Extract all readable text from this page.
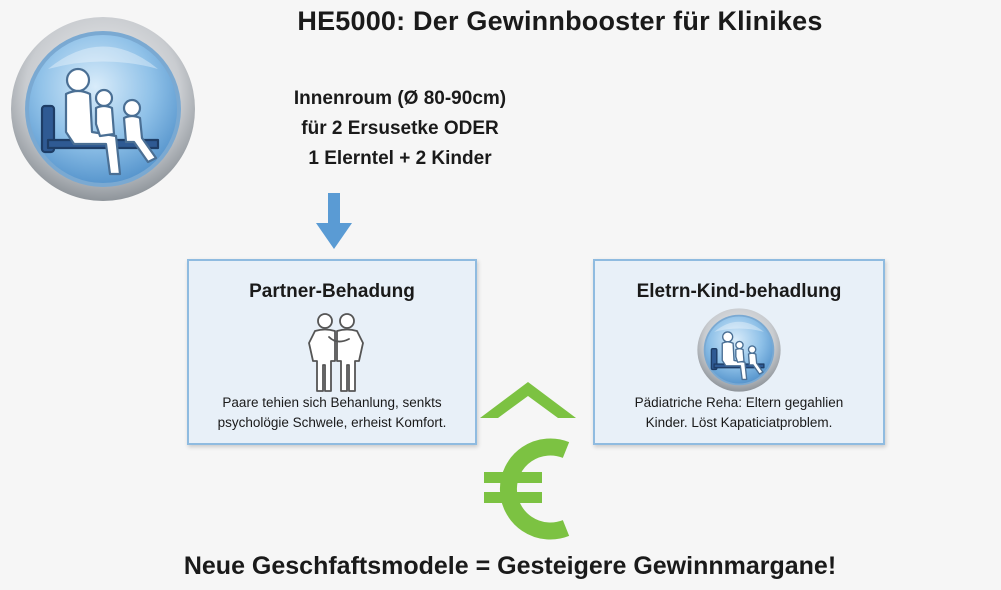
HE5000: Der Gewinnbooster für Klinikes
Innenroum (Ø 80-90cm)
für 2 Ersusetke ODER
1 Elerntel + 2 Kinder
Partner-Behadung
Paare tehien sich Behanlung, senkts
psycholögie Schwele, erheist Komfort.
Eletrn-Kind-behadlung
Pädiatriche Reha: Eltern gegahlien
Kinder. Löst Kapaticiatproblem.
Neue Geschfaftsmodele = Gesteigere Gewinnmargane!
